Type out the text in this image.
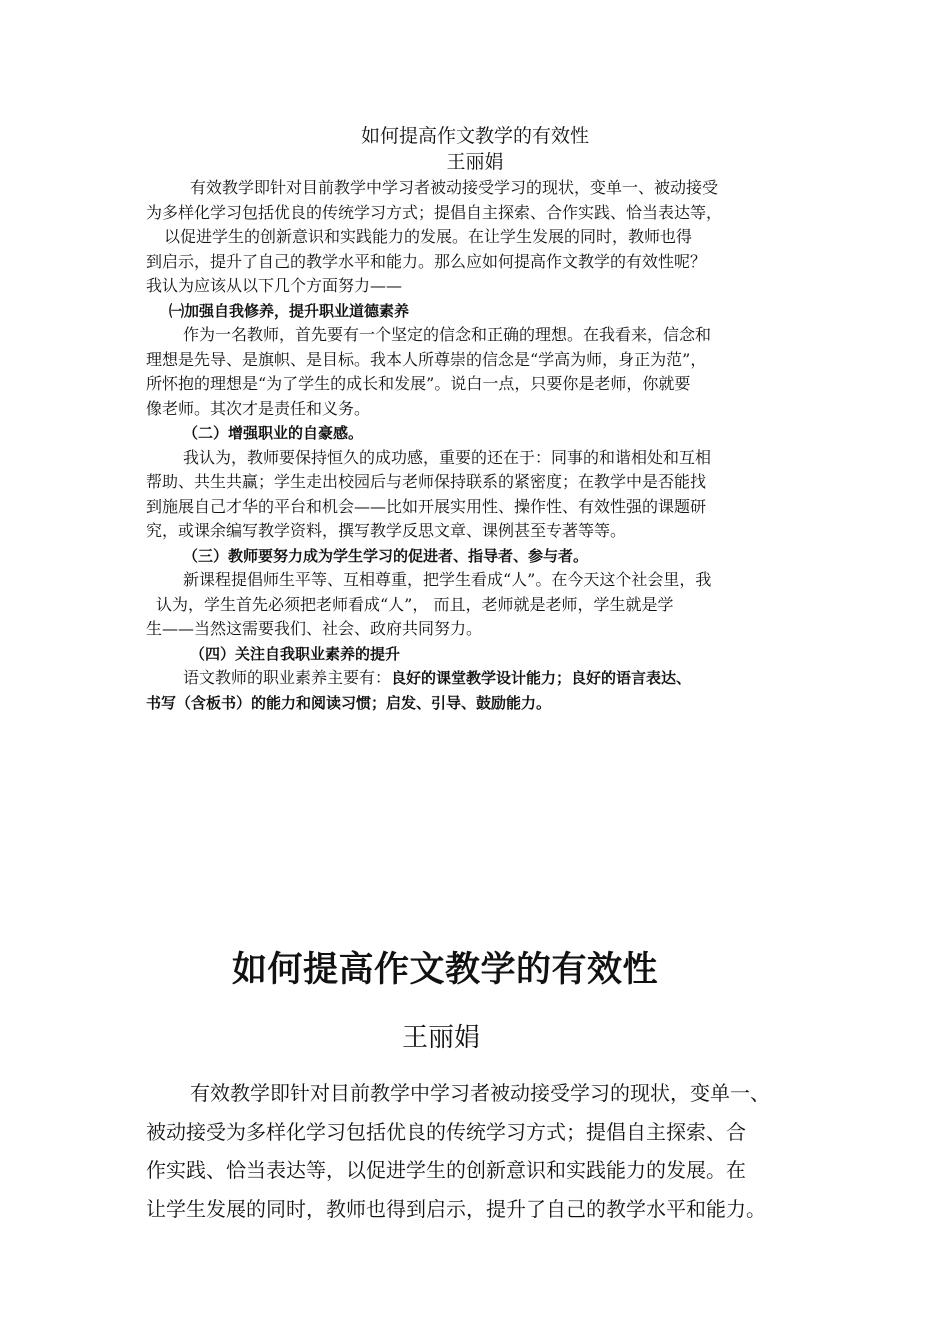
如何提高作文教学的有效性
王丽娟
有效教学即针对目前教学中学习者被动接受学习的现状，变单一、被动接受
为多样化学习包括优良的传统学习方式；提倡自主探索、合作实践、恰当表达等，
以促进学生的创新意识和实践能力的发展。在让学生发展的同时，教师也得
到启示，提升了自己的教学水平和能力。那么应如何提高作文教学的有效性呢？
我认为应该从以下几个方面努力——
㈠加强自我修养，提升职业道德素养
作为一名教师，首先要有一个坚定的信念和正确的理想。在我看来，信念和
理想是先导、是旗帜、是目标。我本人所尊崇的信念是“学高为师，身正为范”，
所怀抱的理想是“为了学生的成长和发展”。说白一点，只要你是老师，你就要
像老师。其次才是责任和义务。
（二）增强职业的自豪感。
我认为，教师要保持恒久的成功感，重要的还在于：同事的和谐相处和互相
帮助、共生共赢；学生走出校园后与老师保持联系的紧密度；在教学中是否能找
到施展自己才华的平台和机会——比如开展实用性、操作性、有效性强的课题研
究，或课余编写教学资料，撰写教学反思文章、课例甚至专著等等。
（三）教师要努力成为学生学习的促进者、指导者、参与者。
新课程提倡师生平等、互相尊重，把学生看成“人”。在今天这个社会里，我
认为，学生首先必须把老师看成“人”， 而且，老师就是老师，学生就是学
生——当然这需要我们、社会、政府共同努力。
（四）关注自我职业素养的提升
语文教师的职业素养主要有：良好的课堂教学设计能力；良好的语言表达、
书写（含板书）的能力和阅读习惯；启发、引导、鼓励能力。
如何提高作文教学的有效性
王丽娟
有效教学即针对目前教学中学习者被动接受学习的现状，变单一、
被动接受为多样化学习包括优良的传统学习方式；提倡自主探索、合
作实践、恰当表达等，以促进学生的创新意识和实践能力的发展。在
让学生发展的同时，教师也得到启示，提升了自己的教学水平和能力。
